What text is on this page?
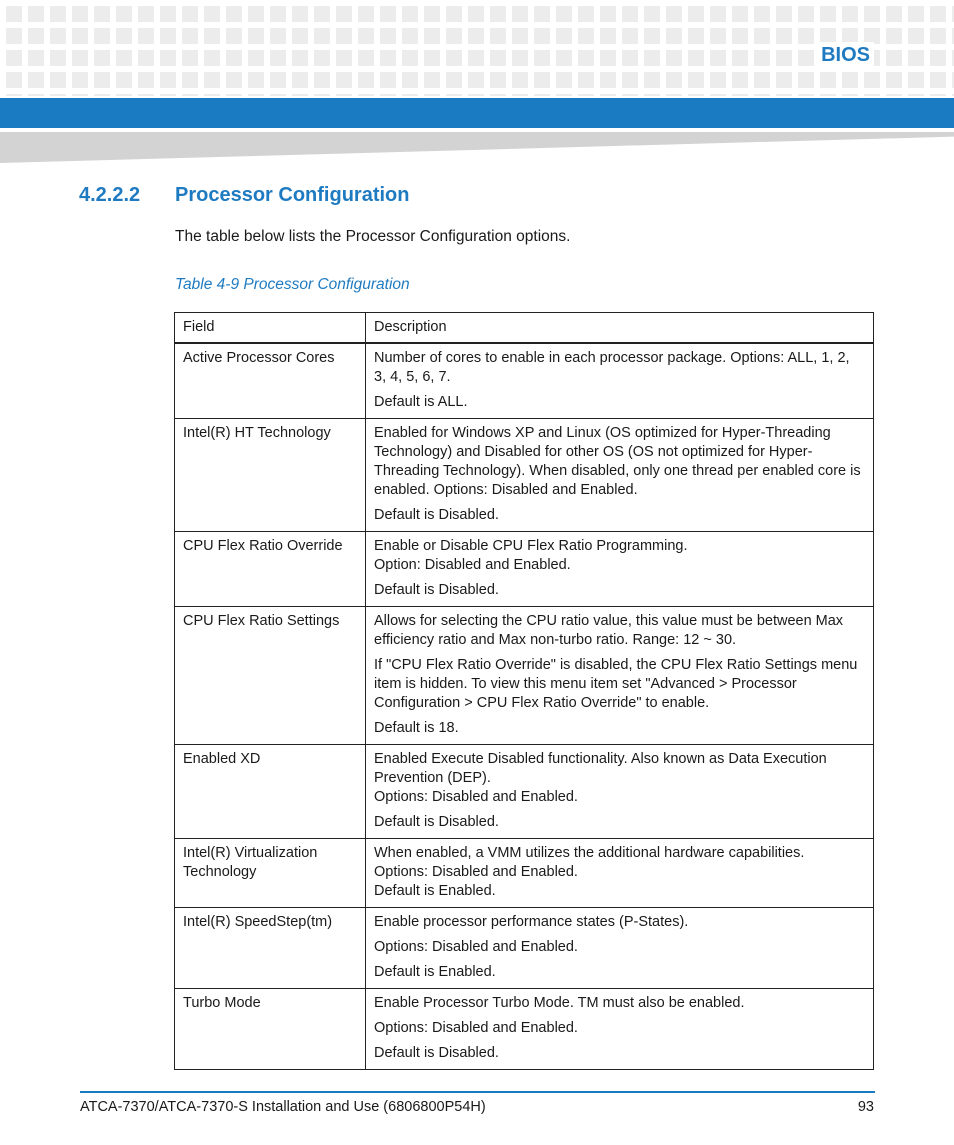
BIOS
4.2.2.2 Processor Configuration
The table below lists the Processor Configuration options.
Table 4-9 Processor Configuration
Field	Description
Active Processor Cores	Number of cores to enable in each processor package. Options: ALL, 1, 2, 3, 4, 5, 6, 7.

Default is ALL.

Intel(R) HT Technology	Enabled for Windows XP and Linux (OS optimized for Hyper-Threading Technology) and Disabled for other OS (OS not optimized for Hyper-Threading Technology). When disabled, only one thread per enabled core is enabled. Options: Disabled and Enabled.

Default is Disabled.

CPU Flex Ratio Override	Enable or Disable CPU Flex Ratio Programming.
Option: Disabled and Enabled.

Default is Disabled.

CPU Flex Ratio Settings	Allows for selecting the CPU ratio value, this value must be between Max efficiency ratio and Max non-turbo ratio. Range: 12 ~ 30.

If "CPU Flex Ratio Override" is disabled, the CPU Flex Ratio Settings menu item is hidden. To view this menu item set "Advanced > Processor Configuration > CPU Flex Ratio Override" to enable.

Default is 18.

Enabled XD	Enabled Execute Disabled functionality. Also known as Data Execution Prevention (DEP).
Options: Disabled and Enabled.

Default is Disabled.

Intel(R) Virtualization Technology	When enabled, a VMM utilizes the additional hardware capabilities.
Options: Disabled and Enabled.
Default is Enabled.

Intel(R) SpeedStep(tm)	Enable processor performance states (P-States).

Options: Disabled and Enabled.

Default is Enabled.

Turbo Mode	Enable Processor Turbo Mode. TM must also be enabled.

Options: Disabled and Enabled.

Default is Disabled.

ATCA-7370/ATCA-7370-S Installation and Use (6806800P54H)	93
